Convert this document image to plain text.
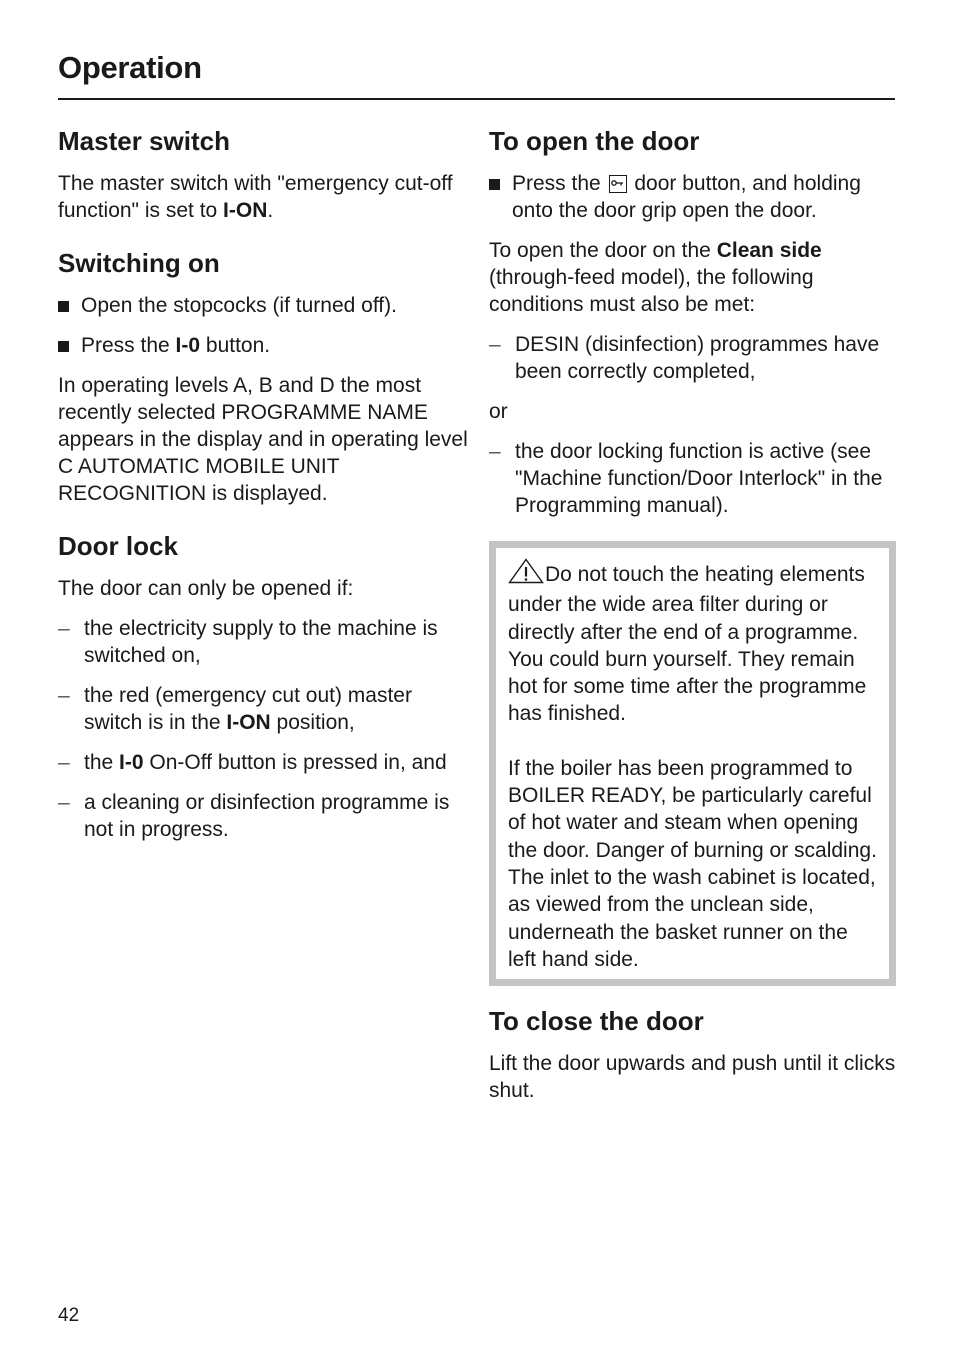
Operation
Master switch

The master switch with "emergency cut-off function" is set to I-ON.

Switching on
Open the stopcocks (if turned off).
Press the I-0 button.

In operating levels A, B and D the most recently selected PROGRAMME NAME appears in the display and in operating level C AUTOMATIC MOBILE UNIT RECOGNITION is displayed.

Door lock

The door can only be opened if:

– the electricity supply to the machine is switched on,
– the red (emergency cut out) master switch is in the I-ON position,
– the I-0 On-Off button is pressed in, and
– a cleaning or disinfection programme is not in progress.
To open the door
Press the
door button, and holding onto the door grip open the door.

To open the door on the Clean side (through-feed model), the following conditions must also be met:

– DESIN (disinfection) programmes have been correctly completed,

or

– the door locking function is active (see "Machine function/Door Interlock" in the Programming manual).

Do not touch the heating elements under the wide area filter during or directly after the end of a programme. You could burn yourself. They remain hot for some time after the programme has finished.

If the boiler has been programmed to BOILER READY, be particularly careful of hot water and steam when opening the door. Danger of burning or scalding. The inlet to the wash cabinet is located, as viewed from the unclean side, underneath the basket runner on the left hand side.

To close the door

Lift the door upwards and push until it clicks shut.

42
